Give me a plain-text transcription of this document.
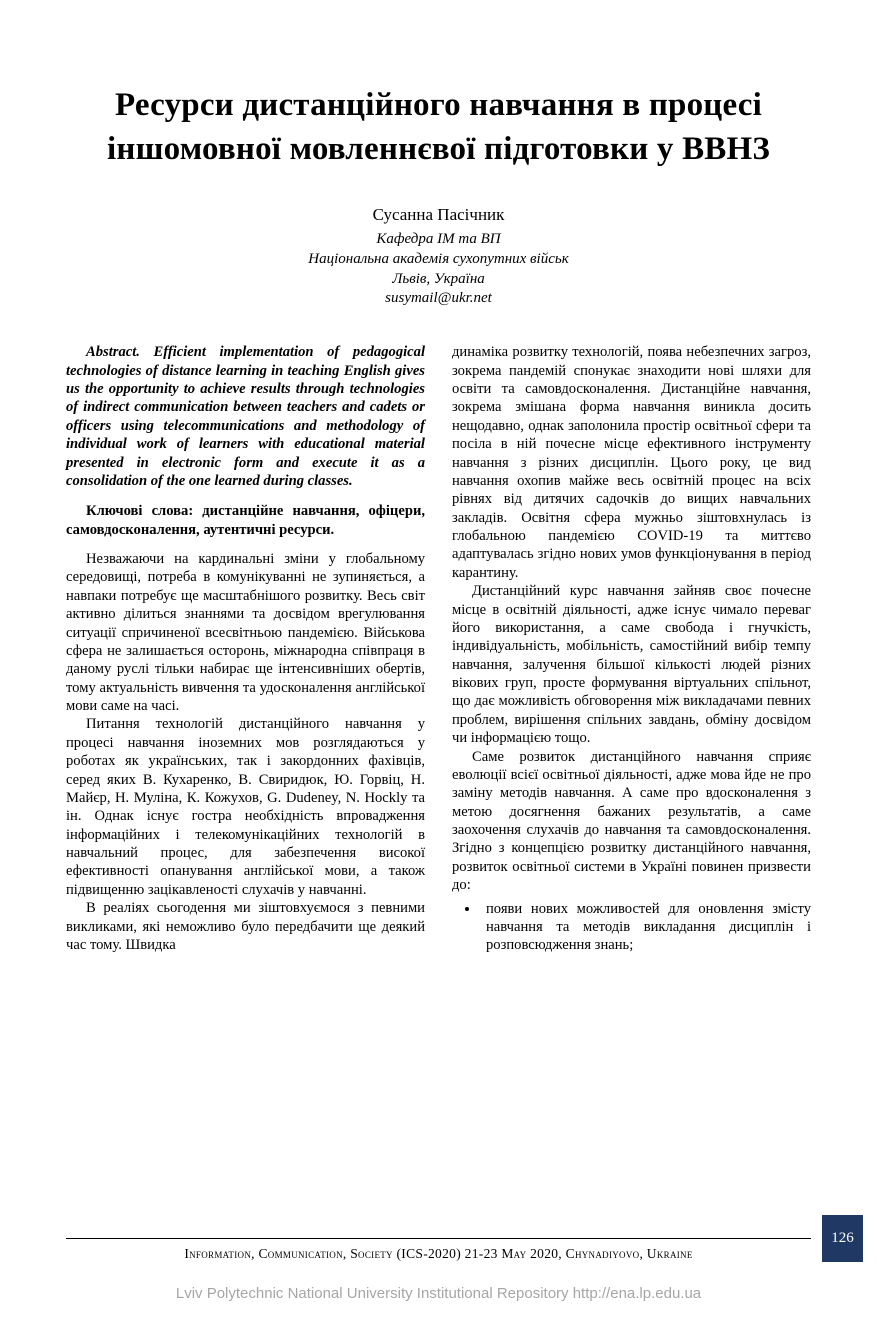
Ресурси дистанційного навчання в процесі іншомовної мовленнєвої підготовки у ВВНЗ
Сусанна Пасічник
Кафедра ІМ та ВП
Національна академія сухопутних військ
Львів, Україна
susymail@ukr.net

Abstract. Efficient implementation of pedagogical technologies of distance learning in teaching English gives us the opportunity to achieve results through technologies of indirect communication between teachers and cadets or officers using telecommunications and methodology of individual work of learners with educational material presented in electronic form and execute it as a consolidation of the one learned during classes.

Ключові слова: дистанційне навчання, офіцери, самовдосконалення, аутентичні ресурси.

Незважаючи на кардинальні зміни у глобальному середовищі, потреба в комунікуванні не зупиняється, а навпаки потребує ще масштабнішого розвитку. Весь світ активно ділиться знаннями та досвідом врегулювання ситуації спричиненої всесвітньою пандемією. Військова сфера не залишається осторонь, міжнародна співпраця в даному руслі тільки набирає ще інтенсивніших обертів, тому актуальність вивчення та удосконалення англійської мови саме на часі.

Питання технологій дистанційного навчання у процесі навчання іноземних мов розглядаються у роботах як українських, так і закордонних фахівців, серед яких В. Кухаренко, В. Свиридюк, Ю. Горвіц, Н. Майєр, Н. Муліна, К. Кожухов, G. Dudeney, N. Hockly та ін. Однак існує гостра необхідність впровадження інформаційних і телекомунікаційних технологій в навчальний процес, для забезпечення високої ефективності опанування англійської мови, а також підвищенню зацікавленості слухачів у навчанні.

В реаліях сьогодення ми зіштовхуємося з певними викликами, які неможливо було передбачити ще деякий час тому. Швидка

динаміка розвитку технологій, поява небезпечних загроз, зокрема пандемій спонукає знаходити нові шляхи для освіти та самовдосконалення. Дистанційне навчання, зокрема змішана форма навчання виникла досить нещодавно, однак заполонила простір освітньої сфери та посіла в ній почесне місце ефективного інструменту навчання з різних дисциплін. Цього року, це вид навчання охопив майже весь освітній процес на всіх рівнях від дитячих садочків до вищих навчальних закладів. Освітня сфера мужньо зіштовхнулась із глобальною пандемією COVID-19 та миттєво адаптувалась згідно нових умов функціонування в період карантину.

Дистанційний курс навчання зайняв своє почесне місце в освітній діяльності, адже існує чимало переваг його використання, а саме свобода і гнучкість, індивідуальність, мобільність, самостійний вибір темпу навчання, залучення більшої кількості людей різних вікових груп, просте формування віртуальних спільнот, що дає можливість обговорення між викладачами певних проблем, вирішення спільних завдань, обміну досвідом чи інформацією тощо.

Саме розвиток дистанційного навчання сприяє еволюції всієї освітньої діяльності, адже мова йде не про заміну методів навчання. А саме про вдосконалення з метою досягнення бажаних результатів, а саме заохочення слухачів до навчання та самовдосконалення. Згідно з концепцією розвитку дистанційного навчання, розвиток освітньої системи в Україні повинен призвести до:

• появи нових можливостей для оновлення змісту навчання та методів викладання дисциплін і розповсюдження знань;
Information, Communication, Society (ICS-2020) 21-23 May 2020, Chynadiyovo, Ukraine
126
Lviv Polytechnic National University Institutional Repository http://ena.lp.edu.ua
